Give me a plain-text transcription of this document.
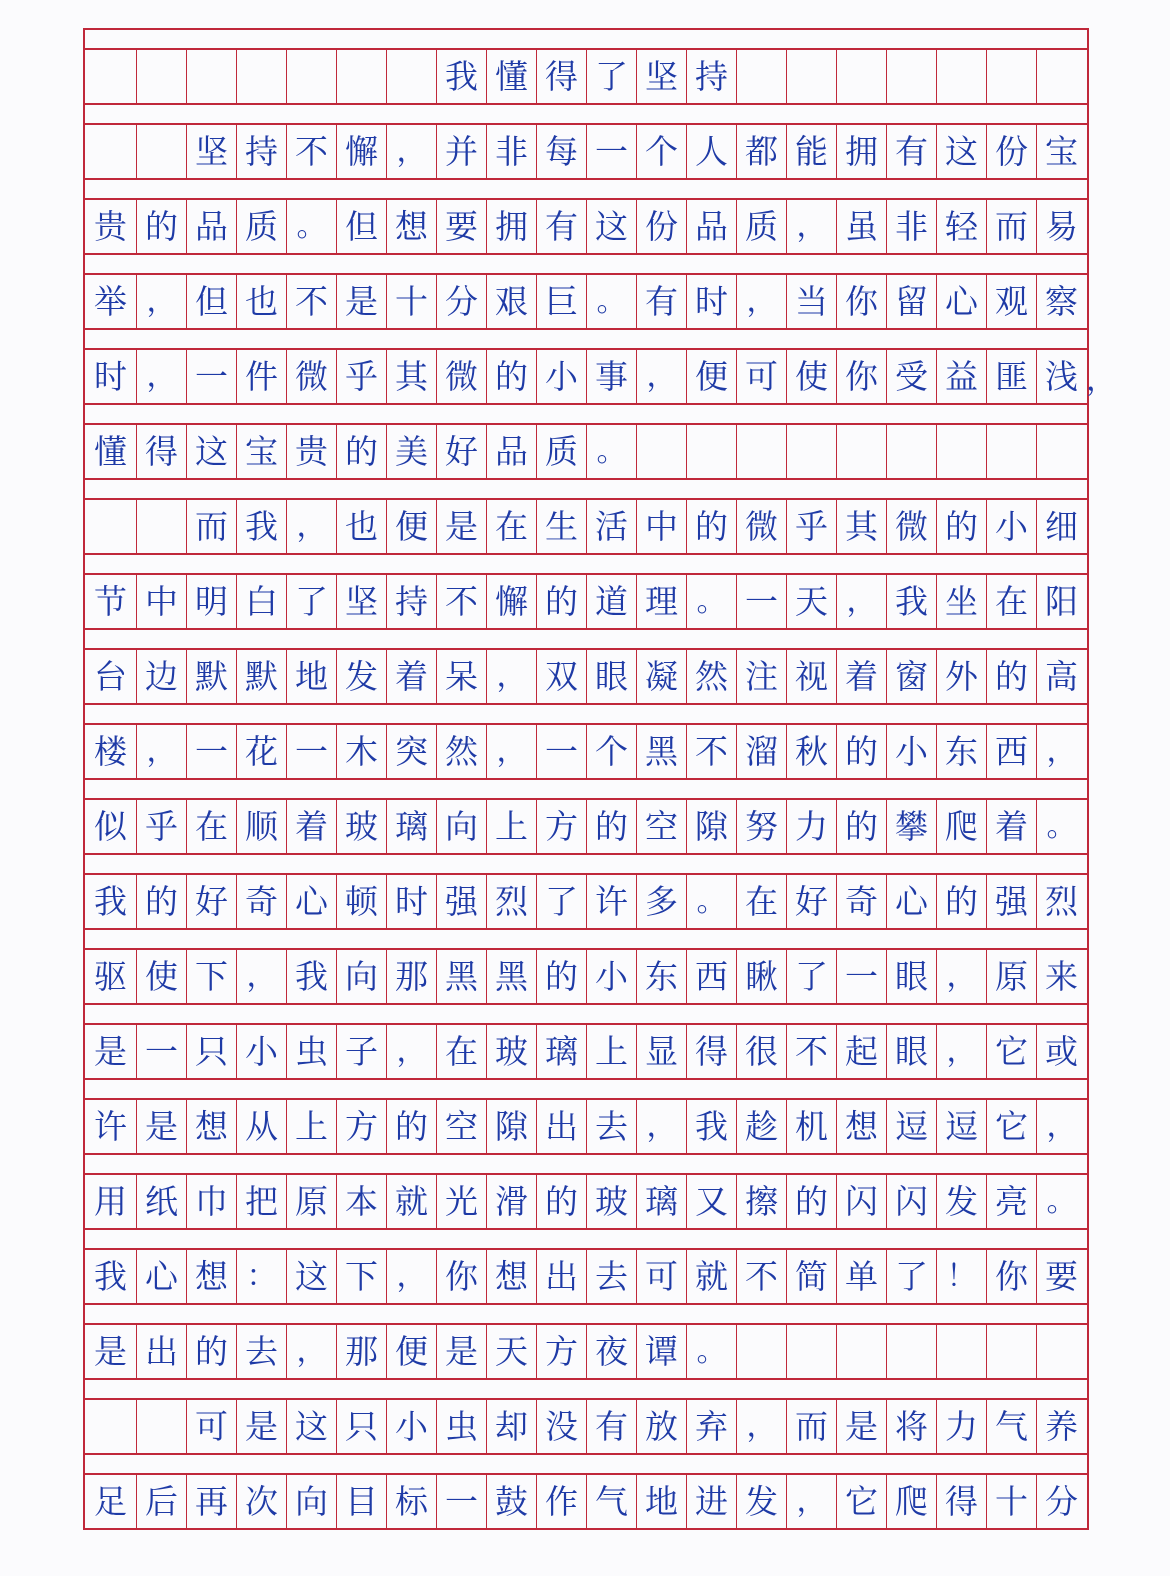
我 懂 得 了 坚 持
坚 持 不 懈 ， 并 非 每 一 个 人 都 能 拥 有 这 份 宝
贵 的 品 质 。 但 想 要 拥 有 这 份 品 质 ， 虽 非 轻 而 易
举 ， 但 也 不 是 十 分 艰 巨 。 有 时 ， 当 你 留 心 观 察
时 ， 一 件 微 乎 其 微 的 小 事 ， 便 可 使 你 受 益 匪 浅
懂 得 这 宝 贵 的 美 好 品 质 。
而 我 ， 也 便 是 在 生 活 中 的 微 乎 其 微 的 小 细
节 中 明 白 了 坚 持 不 懈 的 道 理 。 一 天 ， 我 坐 在 阳
台 边 默 默 地 发 着 呆 ， 双 眼 凝 然 注 视 着 窗 外 的 高
楼 ， 一 花 一 木 突 然 ， 一 个 黑 不 溜 秋 的 小 东 西 ，
似 乎 在 顺 着 玻 璃 向 上 方 的 空 隙 努 力 的 攀 爬 着 。
我 的 好 奇 心 顿 时 强 烈 了 许 多 。 在 好 奇 心 的 强 烈
驱 使 下 ， 我 向 那 黑 黑 的 小 东 西 瞅 了 一 眼 ， 原 来
是 一 只 小 虫 子 ， 在 玻 璃 上 显 得 很 不 起 眼 ， 它 或
许 是 想 从 上 方 的 空 隙 出 去 ， 我 趁 机 想 逗 逗 它 ，
用 纸 巾 把 原 本 就 光 滑 的 玻 璃 又 擦 的 闪 闪 发 亮 。
我 心 想 ： 这 下 ， 你 想 出 去 可 就 不 简 单 了 ！ 你 要
是 出 的 去 ， 那 便 是 天 方 夜 谭 。
可 是 这 只 小 虫 却 没 有 放 弃 ， 而 是 将 力 气 养
足 后 再 次 向 目 标 一 鼓 作 气 地 进 发 ， 它 爬 得 十 分
，
